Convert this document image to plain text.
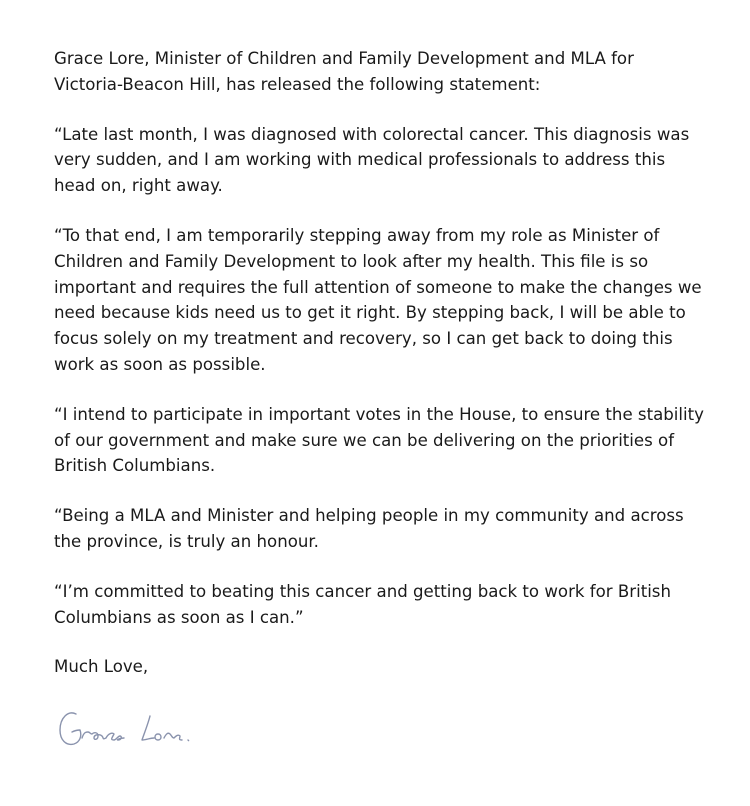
Grace Lore, Minister of Children and Family Development and MLA for Victoria-Beacon Hill, has released the following statement:

“Late last month, I was diagnosed with colorectal cancer. This diagnosis was very sudden, and I am working with medical professionals to address this head on, right away.

“To that end, I am temporarily stepping away from my role as Minister of Children and Family Development to look after my health. This file is so important and requires the full attention of someone to make the changes we need because kids need us to get it right. By stepping back, I will be able to focus solely on my treatment and recovery, so I can get back to doing this work as soon as possible.

“I intend to participate in important votes in the House, to ensure the stability of our government and make sure we can be delivering on the priorities of British Columbians.

“Being a MLA and Minister and helping people in my community and across the province, is truly an honour.

“I’m committed to beating this cancer and getting back to work for British Columbians as soon as I can.”

Much Love,
